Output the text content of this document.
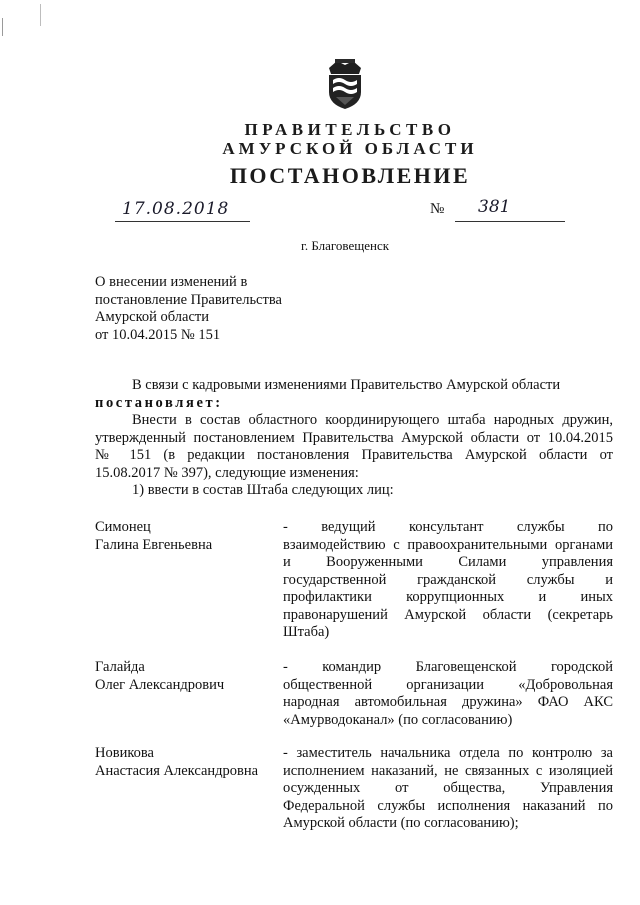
ПРАВИТЕЛЬСТВО
АМУРСКОЙ ОБЛАСТИ
ПОСТАНОВЛЕНИЕ
17.08.2018	№ 381
г. Благовещенск
О внесении изменений в
постановление Правительства
Амурской области
от 10.04.2015 № 151
В связи с кадровыми изменениями Правительство Амурской области
постановляет:
Внести в состав областного координирующего штаба народных дружин,
утвержденный постановлением Правительства Амурской области от 10.04.2015
№ 151 (в редакции постановления Правительства Амурской области от
15.08.2017 № 397), следующие изменения:
1) ввести в состав Штаба следующих лиц:
Симонец
Галина Евгеньевна
- ведущий консультант службы по
взаимодействию с правоохранительными органами
и Вооруженными Силами управления
государственной гражданской службы и
профилактики коррупционных и иных
правонарушений Амурской области (секретарь
Штаба)
Галайда
Олег Александрович
- командир Благовещенской городской
общественной организации «Добровольная
народная автомобильная дружина» ФАО АКС
«Амурводоканал» (по согласованию)
Новикова
Анастасия Александровна
- заместитель начальника отдела по контролю за
исполнением наказаний, не связанных с изоляцией
осужденных от общества, Управления
Федеральной службы исполнения наказаний по
Амурской области (по согласованию);
